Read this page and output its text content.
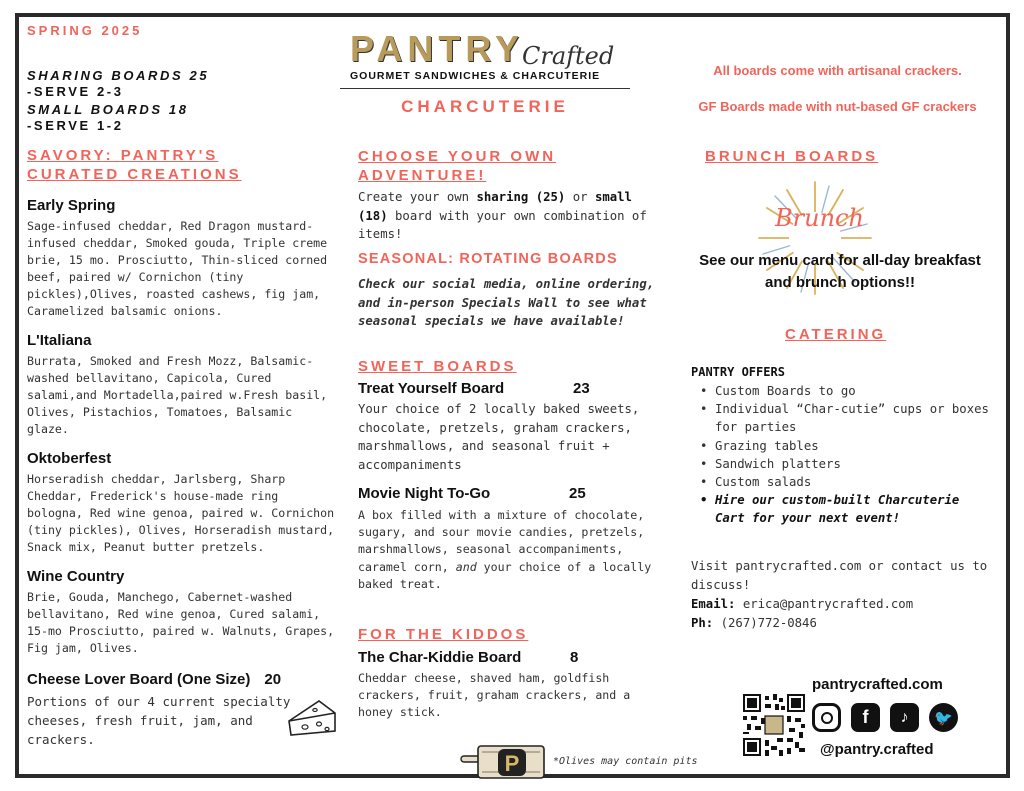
SPRING 2025
SHARING BOARDS 25
-SERVE 2-3
SMALL BOARDS 18
-SERVE 1-2
PANTRY
Crafted
GOURMET SANDWICHES & CHARCUTERIE
CHARCUTERIE
All boards come with artisanal crackers.
GF Boards made with nut-based GF crackers
SAVORY: PANTRY'S
CURATED CREATIONS
Early Spring
Sage-infused cheddar, Red Dragon mustard-infused cheddar, Smoked gouda, Triple creme brie, 15 mo. Prosciutto, Thin-sliced corned beef, paired w/ Cornichon (tiny pickles),Olives, roasted cashews, fig jam, Caramelized balsamic onions.
L'Italiana
Burrata, Smoked and Fresh Mozz, Balsamic-washed bellavitano, Capicola, Cured salami,and Mortadella,paired w.Fresh basil, Olives, Pistachios, Tomatoes, Balsamic glaze.
Oktoberfest
Horseradish cheddar, Jarlsberg, Sharp Cheddar, Frederick's house-made ring bologna, Red wine genoa, paired w. Cornichon (tiny pickles), Olives, Horseradish mustard, Snack mix, Peanut butter pretzels.
Wine Country
Brie, Gouda, Manchego, Cabernet-washed bellavitano, Red wine genoa, Cured salami, 15-mo Prosciutto, paired w. Walnuts, Grapes, Fig jam, Olives.
Cheese Lover Board (One Size) 20
Portions of our 4 current specialty cheeses, fresh fruit, jam, and crackers.
CHOOSE YOUR OWN
ADVENTURE!
Create your own sharing (25) or small (18) board with your own combination of items!
SEASONAL: ROTATING BOARDS
Check our social media, online ordering, and in-person Specials Wall to see what seasonal specials we have available!
SWEET BOARDS
Treat Yourself Board	23
Your choice of 2 locally baked sweets, chocolate, pretzels, graham crackers, marshmallows, and seasonal fruit + accompaniments
Movie Night To-Go	25
A box filled with a mixture of chocolate, sugary, and sour movie candies, pretzels, marshmallows, seasonal accompaniments, caramel corn, and your choice of a locally baked treat.
FOR THE KIDDOS
The Char-Kiddie Board	8
Cheddar cheese, shaved ham, goldfish crackers, fruit, graham crackers, and a honey stick.
P	*Olives may contain pits
BRUNCH BOARDS
Brunch
See our menu card for all-day breakfast and brunch options!!
CATERING
PANTRY OFFERS
• Custom Boards to go
• Individual “Char-cutie” cups or boxes for parties
• Grazing tables
• Sandwich platters
• Custom salads
• Hire our custom-built Charcuterie Cart for your next event!
Visit pantrycrafted.com or contact us to discuss!
Email: erica@pantrycrafted.com
Ph: (267)772-0846
pantrycrafted.com
f	♪	🐦
@pantry.crafted
